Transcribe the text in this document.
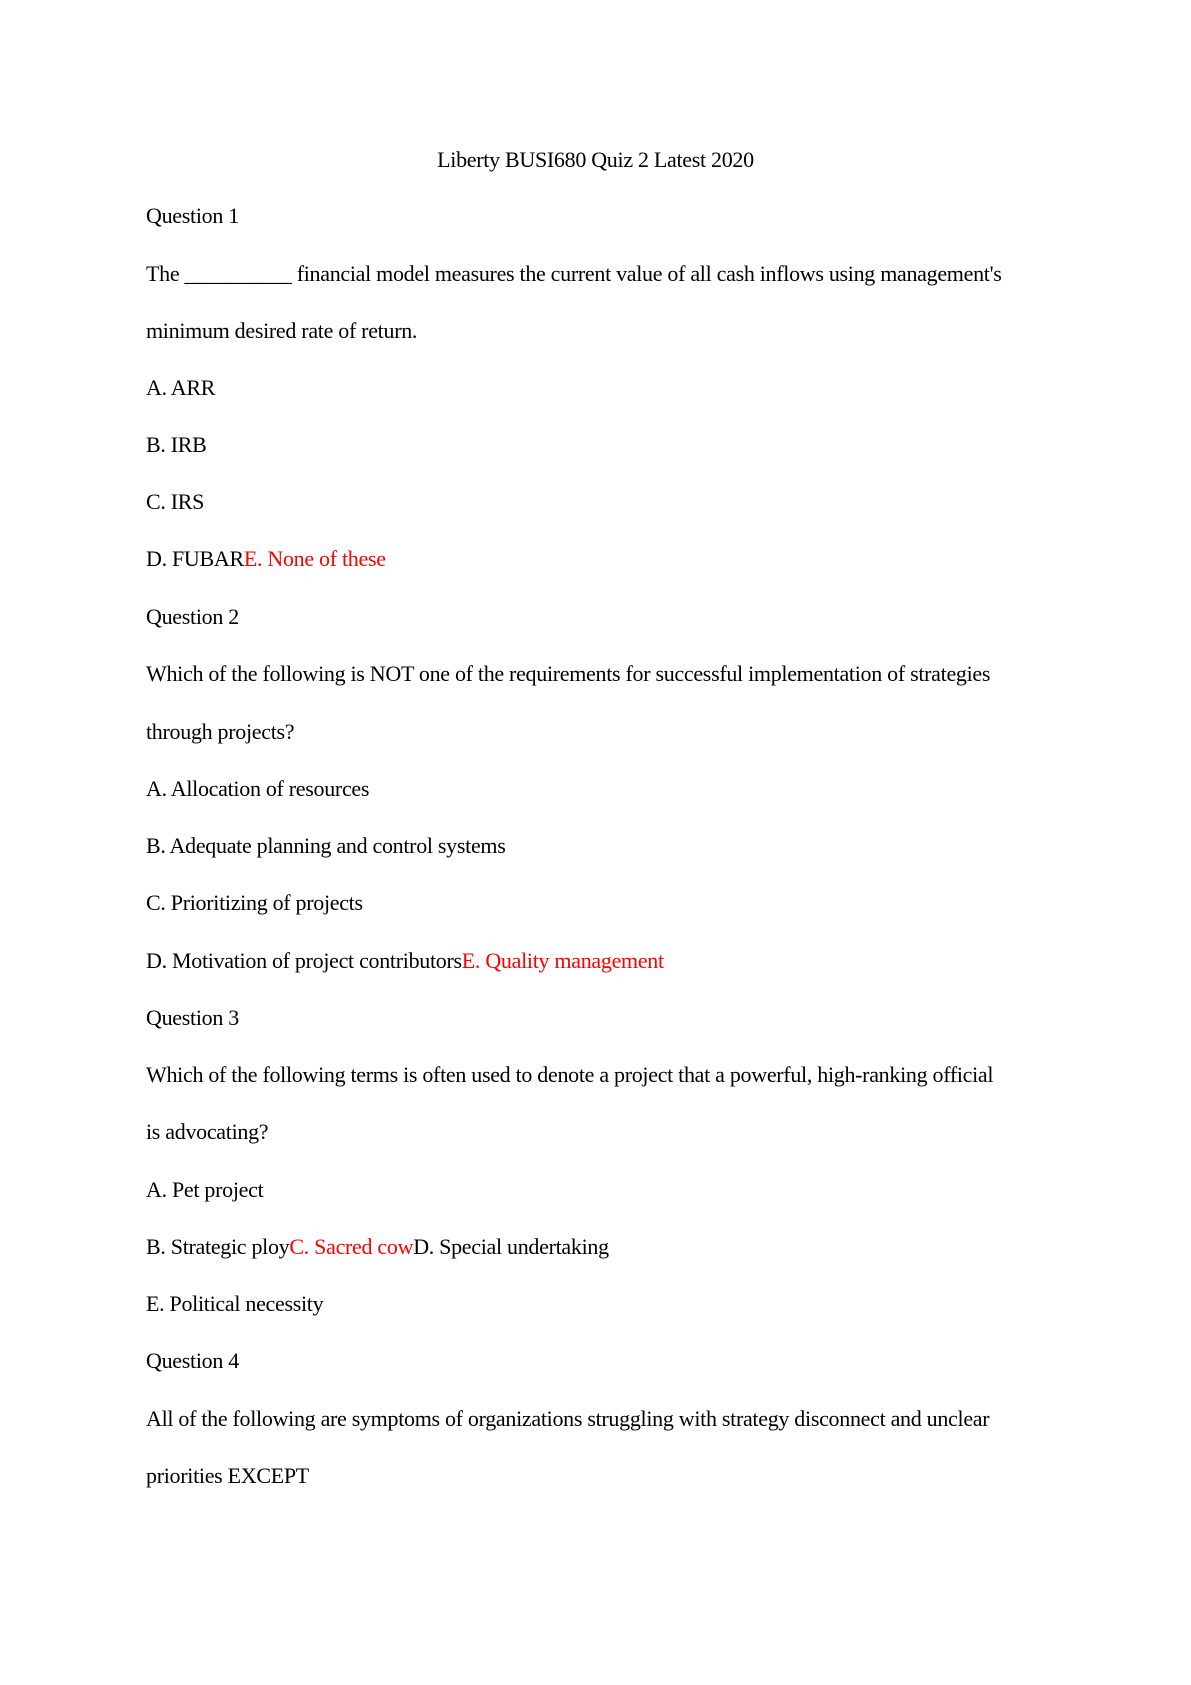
Liberty BUSI680 Quiz 2 Latest 2020
Question 1
The __________ financial model measures the current value of all cash inflows using management's
minimum desired rate of return.
A. ARR
B. IRB
C. IRS
D. FUBARE. None of these
Question 2
Which of the following is NOT one of the requirements for successful implementation of strategies
through projects?
A. Allocation of resources
B. Adequate planning and control systems
C. Prioritizing of projects
D. Motivation of project contributorsE. Quality management
Question 3
Which of the following terms is often used to denote a project that a powerful, high-ranking official
is advocating?
A. Pet project
B. Strategic ployC. Sacred cowD. Special undertaking
E. Political necessity
Question 4
All of the following are symptoms of organizations struggling with strategy disconnect and unclear
priorities EXCEPT
